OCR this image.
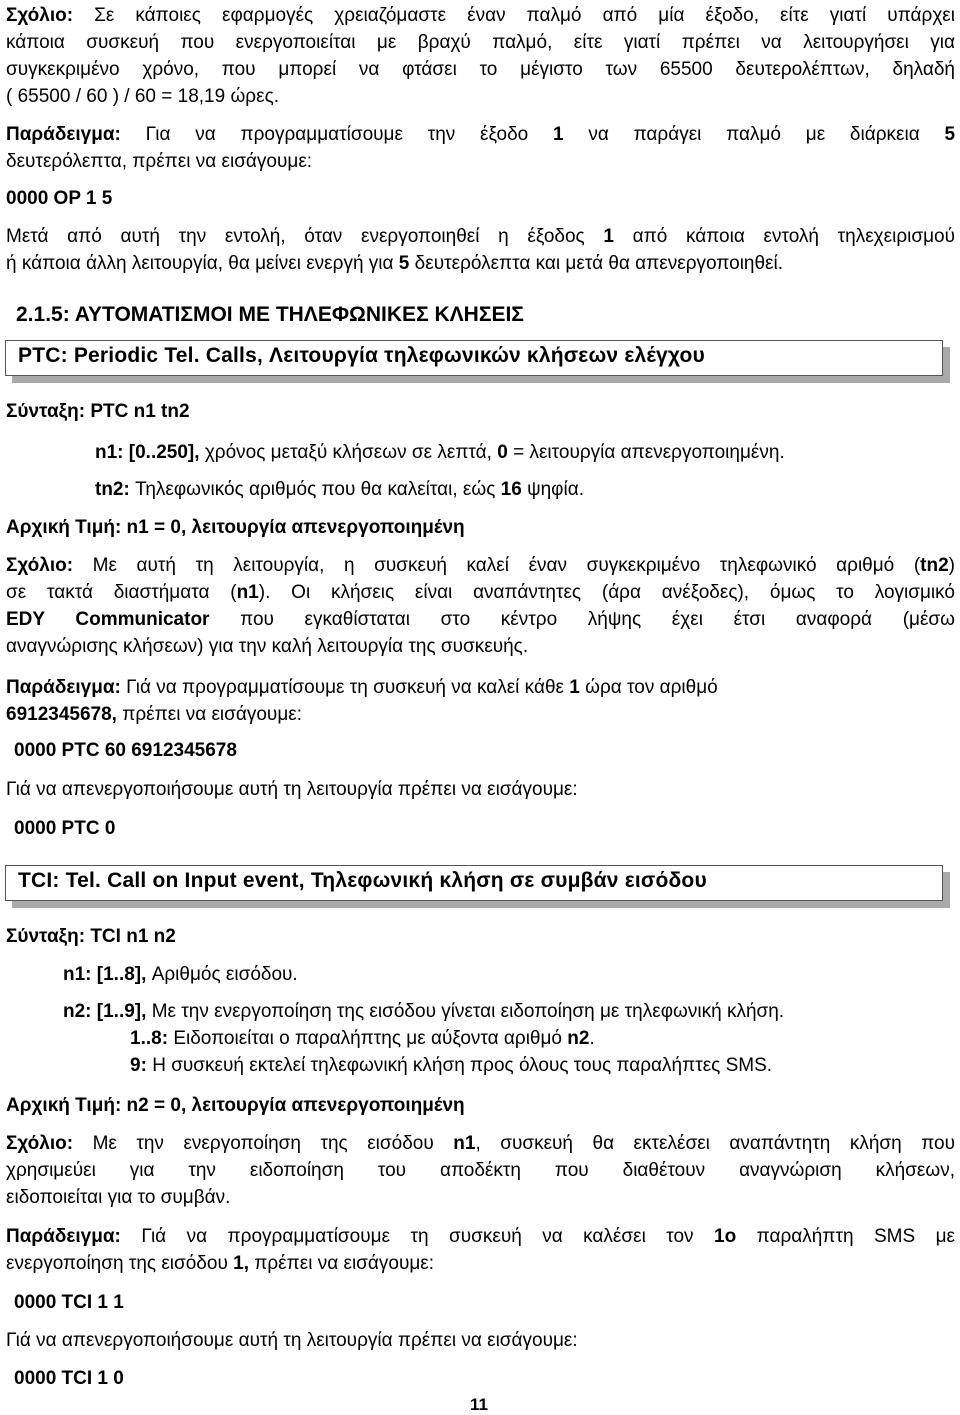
Σχόλιο: Σε κάποιες εφαρμογές χρειαζόμαστε έναν παλμό από μία έξοδο, είτε γιατί υπάρχει
κάποια συσκευή που ενεργοποιείται με βραχύ παλμό, είτε γιατί πρέπει να λειτουργήσει για
συγκεκριμένο χρόνο, που μπορεί να φτάσει το μέγιστο των 65500 δευτερολέπτων, δηλαδή
( 65500 / 60 ) / 60 = 18,19 ώρες.
Παράδειγμα: Για να προγραμματίσουμε την έξοδο 1 να παράγει παλμό με διάρκεια 5
δευτερόλεπτα, πρέπει να εισάγουμε:
0000 OP 1 5
Μετά από αυτή την εντολή, όταν ενεργοποιηθεί η έξοδος 1 από κάποια εντολή τηλεχειρισμού
ή κάποια άλλη λειτουργία, θα μείνει ενεργή για 5 δευτερόλεπτα και μετά θα απενεργοποιηθεί.
2.1.5: ΑΥΤΟΜΑΤΙΣΜΟΙ ΜΕ ΤΗΛΕΦΩΝΙΚΕΣ ΚΛΗΣΕΙΣ
PTC: Periodic Tel. Calls, Λειτουργία τηλεφωνικών κλήσεων ελέγχου
Σύνταξη: PTC n1 tn2
n1: [0..250], χρόνος μεταξύ κλήσεων σε λεπτά, 0 = λειτουργία απενεργοποιημένη.
tn2: Τηλεφωνικός αριθμός που θα καλείται, εώς 16 ψηφία.
Αρχική Τιμή: n1 = 0, λειτουργία απενεργοποιημένη
Σχόλιο: Με αυτή τη λειτουργία, η συσκευή καλεί έναν συγκεκριμένο τηλεφωνικό αριθμό (tn2)
σε τακτά διαστήματα (n1). Οι κλήσεις είναι αναπάντητες (άρα ανέξοδες), όμως το λογισμικό
EDY Communicator που εγκαθίσταται στο κέντρο λήψης έχει έτσι αναφορά (μέσω
αναγνώρισης κλήσεων) για την καλή λειτουργία της συσκευής.
Παράδειγμα: Γιά να προγραμματίσουμε τη συσκευή να καλεί κάθε 1 ώρα τον αριθμό
6912345678, πρέπει να εισάγουμε:
0000 PTC 60 6912345678
Γιά να απενεργοποιήσουμε αυτή τη λειτουργία πρέπει να εισάγουμε:
0000 PTC 0
TCI: Tel. Call on Input event, Τηλεφωνική κλήση σε συμβάν εισόδου
Σύνταξη: TCI n1 n2
n1: [1..8], Αριθμός εισόδου.
n2: [1..9], Με την ενεργοποίηση της εισόδου γίνεται ειδοποίηση με τηλεφωνική κλήση.
1..8: Ειδοποιείται ο παραλήπτης με αύξοντα αριθμό n2.
9: Η συσκευή εκτελεί τηλεφωνική κλήση προς όλους τους παραλήπτες SMS.
Αρχική Τιμή: n2 = 0, λειτουργία απενεργοποιημένη
Σχόλιο: Με την ενεργοποίηση της εισόδου n1, συσκευή θα εκτελέσει αναπάντητη κλήση που
χρησιμεύει για την ειδοποίηση του αποδέκτη που διαθέτουν αναγνώριση κλήσεων,
ειδοποιείται για το συμβάν.
Παράδειγμα: Γιά να προγραμματίσουμε τη συσκευή να καλέσει τον 1ο παραλήπτη SMS με
ενεργοποίηση της εισόδου 1, πρέπει να εισάγουμε:
0000 TCI 1 1
Γιά να απενεργοποιήσουμε αυτή τη λειτουργία πρέπει να εισάγουμε:
0000 TCI 1 0
11
